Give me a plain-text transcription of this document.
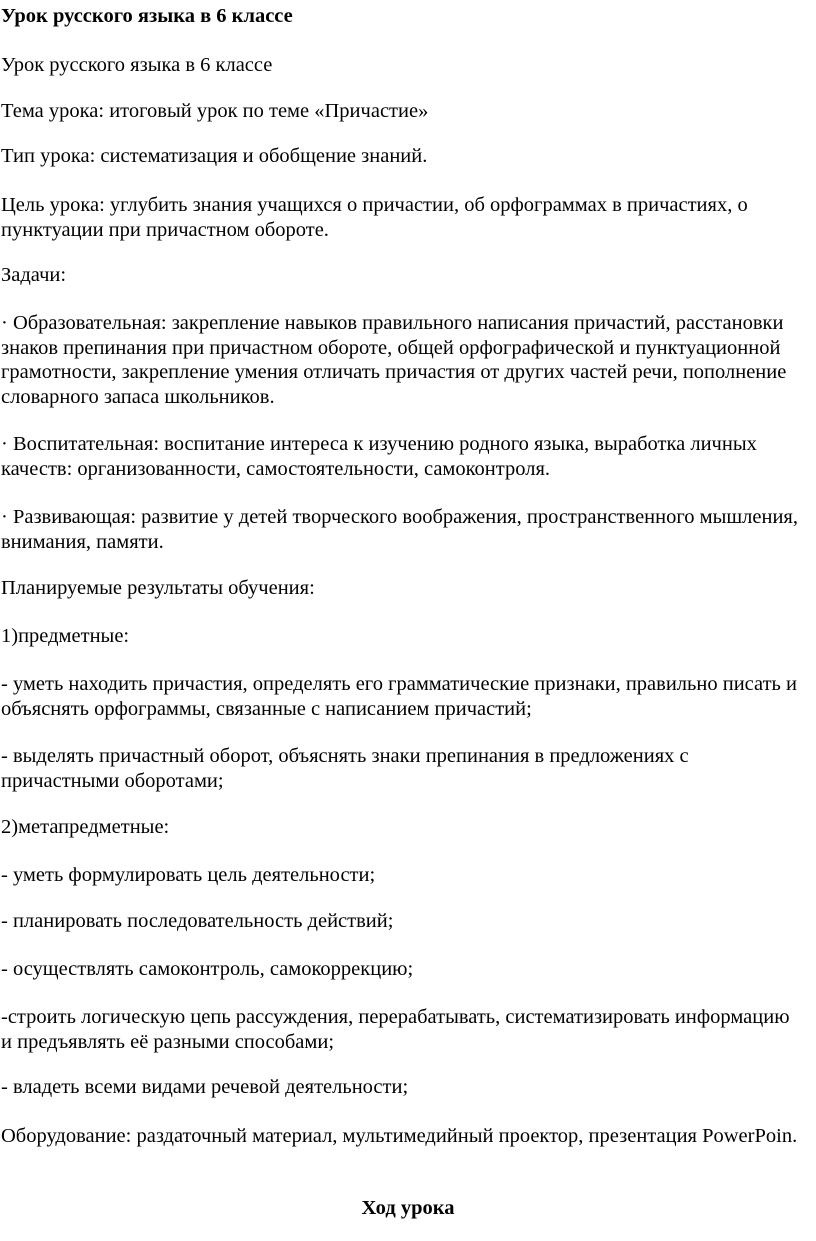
Урок русского языка в 6 классе

Урок русского языка в 6 классе

Тема урока: итоговый урок по теме «Причастие»

Тип урока: систематизация и обобщение знаний.

Цель урока: углубить знания учащихся о причастии, об орфограммах в причастиях, о пунктуации при причастном обороте.

Задачи:

· Образовательная: закрепление навыков правильного написания причастий, расстановки знаков препинания при причастном обороте, общей орфографической и пунктуационной грамотности, закрепление умения отличать причастия от других частей речи, пополнение словарного запаса школьников.

· Воспитательная: воспитание интереса к изучению родного языка, выработка личных качеств: организованности, самостоятельности, самоконтроля.

· Развивающая: развитие у детей творческого воображения, пространственного мышления, внимания, памяти.

Планируемые результаты обучения:

1)предметные:

- уметь находить причастия, определять его грамматические признаки, правильно писать и объяснять орфограммы, связанные с написанием причастий;

- выделять причастный оборот, объяснять знаки препинания в предложениях с причастными оборотами;

2)метапредметные:

- уметь формулировать цель деятельности;

- планировать последовательность действий;

- осуществлять самоконтроль, самокоррекцию;

-строить логическую цепь рассуждения, перерабатывать, систематизировать информацию и предъявлять её разными способами;

- владеть всеми видами речевой деятельности;

Оборудование: раздаточный материал, мультимедийный проектор, презентация PowerPoin.

Ход урока
